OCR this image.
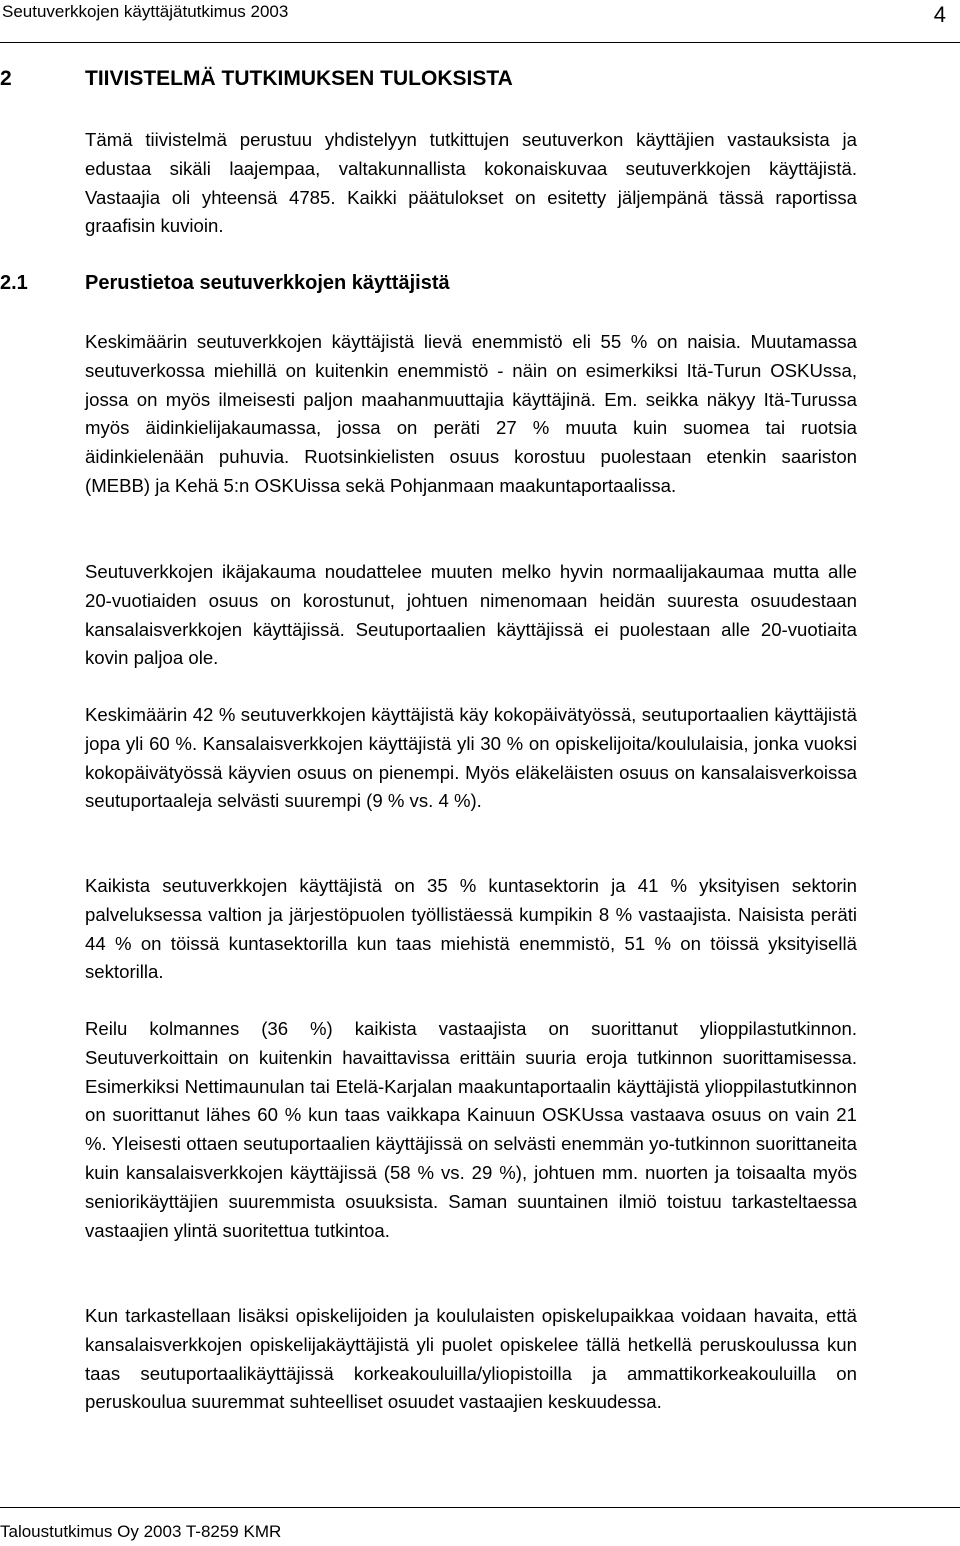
Seutuverkkojen käyttäjätutkimus 2003	4
2	TIIVISTELMÄ TUTKIMUKSEN TULOKSISTA

Tämä tiivistelmä perustuu yhdistelyyn tutkittujen seutuverkon käyttäjien vastauksista ja edustaa sikäli laajempaa, valtakunnallista kokonaiskuvaa seutuverkkojen käyttäjistä. Vastaajia oli yhteensä 4785. Kaikki päätulokset on esitetty jäljempänä tässä raportissa graafisin kuvioin.

2.1	Perustietoa seutuverkkojen käyttäjistä

Keskimäärin seutuverkkojen käyttäjistä lievä enemmistö eli 55 % on naisia. Muutamassa seutuverkossa miehillä on kuitenkin enemmistö - näin on esimerkiksi Itä-Turun OSKUssa, jossa on myös ilmeisesti paljon maahanmuuttajia käyttäjinä. Em. seikka näkyy Itä-Turussa myös äidinkielijakaumassa, jossa on peräti 27 % muuta kuin suomea tai ruotsia äidinkielenään puhuvia. Ruotsinkielisten osuus korostuu puolestaan etenkin saariston (MEBB) ja Kehä 5:n OSKUissa sekä Pohjanmaan maakuntaportaalissa.

Seutuverkkojen ikäjakauma noudattelee muuten melko hyvin normaalijakaumaa mutta alle 20-vuotiaiden osuus on korostunut, johtuen nimenomaan heidän suuresta osuudestaan kansalaisverkkojen käyttäjissä. Seutuportaalien käyttäjissä ei puolestaan alle 20-vuotiaita kovin paljoa ole.

Keskimäärin 42 % seutuverkkojen käyttäjistä käy kokopäivätyössä, seutuportaalien käyttäjistä jopa yli 60 %. Kansalaisverkkojen käyttäjistä yli 30 % on opiskelijoita/koululaisia, jonka vuoksi kokopäivätyössä käyvien osuus on pienempi. Myös eläkeläisten osuus on kansalaisverkoissa seutuportaaleja selvästi suurempi (9 % vs. 4 %).

Kaikista seutuverkkojen käyttäjistä on 35 % kuntasektorin ja 41 % yksityisen sektorin palveluksessa valtion ja järjestöpuolen työllistäessä kumpikin 8 % vastaajista. Naisista peräti 44 % on töissä kuntasektorilla kun taas miehistä enemmistö, 51 % on töissä yksityisellä sektorilla.

Reilu kolmannes (36 %) kaikista vastaajista on suorittanut ylioppilastutkinnon. Seutuverkoittain on kuitenkin havaittavissa erittäin suuria eroja tutkinnon suorittamisessa. Esimerkiksi Nettimaunulan tai Etelä-Karjalan maakuntaportaalin käyttäjistä ylioppilastutkinnon on suorittanut lähes 60 % kun taas vaikkapa Kainuun OSKUssa vastaava osuus on vain 21 %. Yleisesti ottaen seutuportaalien käyttäjissä on selvästi enemmän yo-tutkinnon suorittaneita kuin kansalaisverkkojen käyttäjissä (58 % vs. 29 %), johtuen mm. nuorten ja toisaalta myös seniorikäyttäjien suuremmista osuuksista. Saman suuntainen ilmiö toistuu tarkasteltaessa vastaajien ylintä suoritettua tutkintoa.

Kun tarkastellaan lisäksi opiskelijoiden ja koululaisten opiskelupaikkaa voidaan havaita, että kansalaisverkkojen opiskelijakäyttäjistä yli puolet opiskelee tällä hetkellä peruskoulussa kun taas seutuportaalikäyttäjissä korkeakouluilla/yliopistoilla ja ammattikorkeakouluilla on peruskoulua suuremmat suhteelliset osuudet vastaajien keskuudessa.

Taloustutkimus Oy 2003 T-8259 KMR
